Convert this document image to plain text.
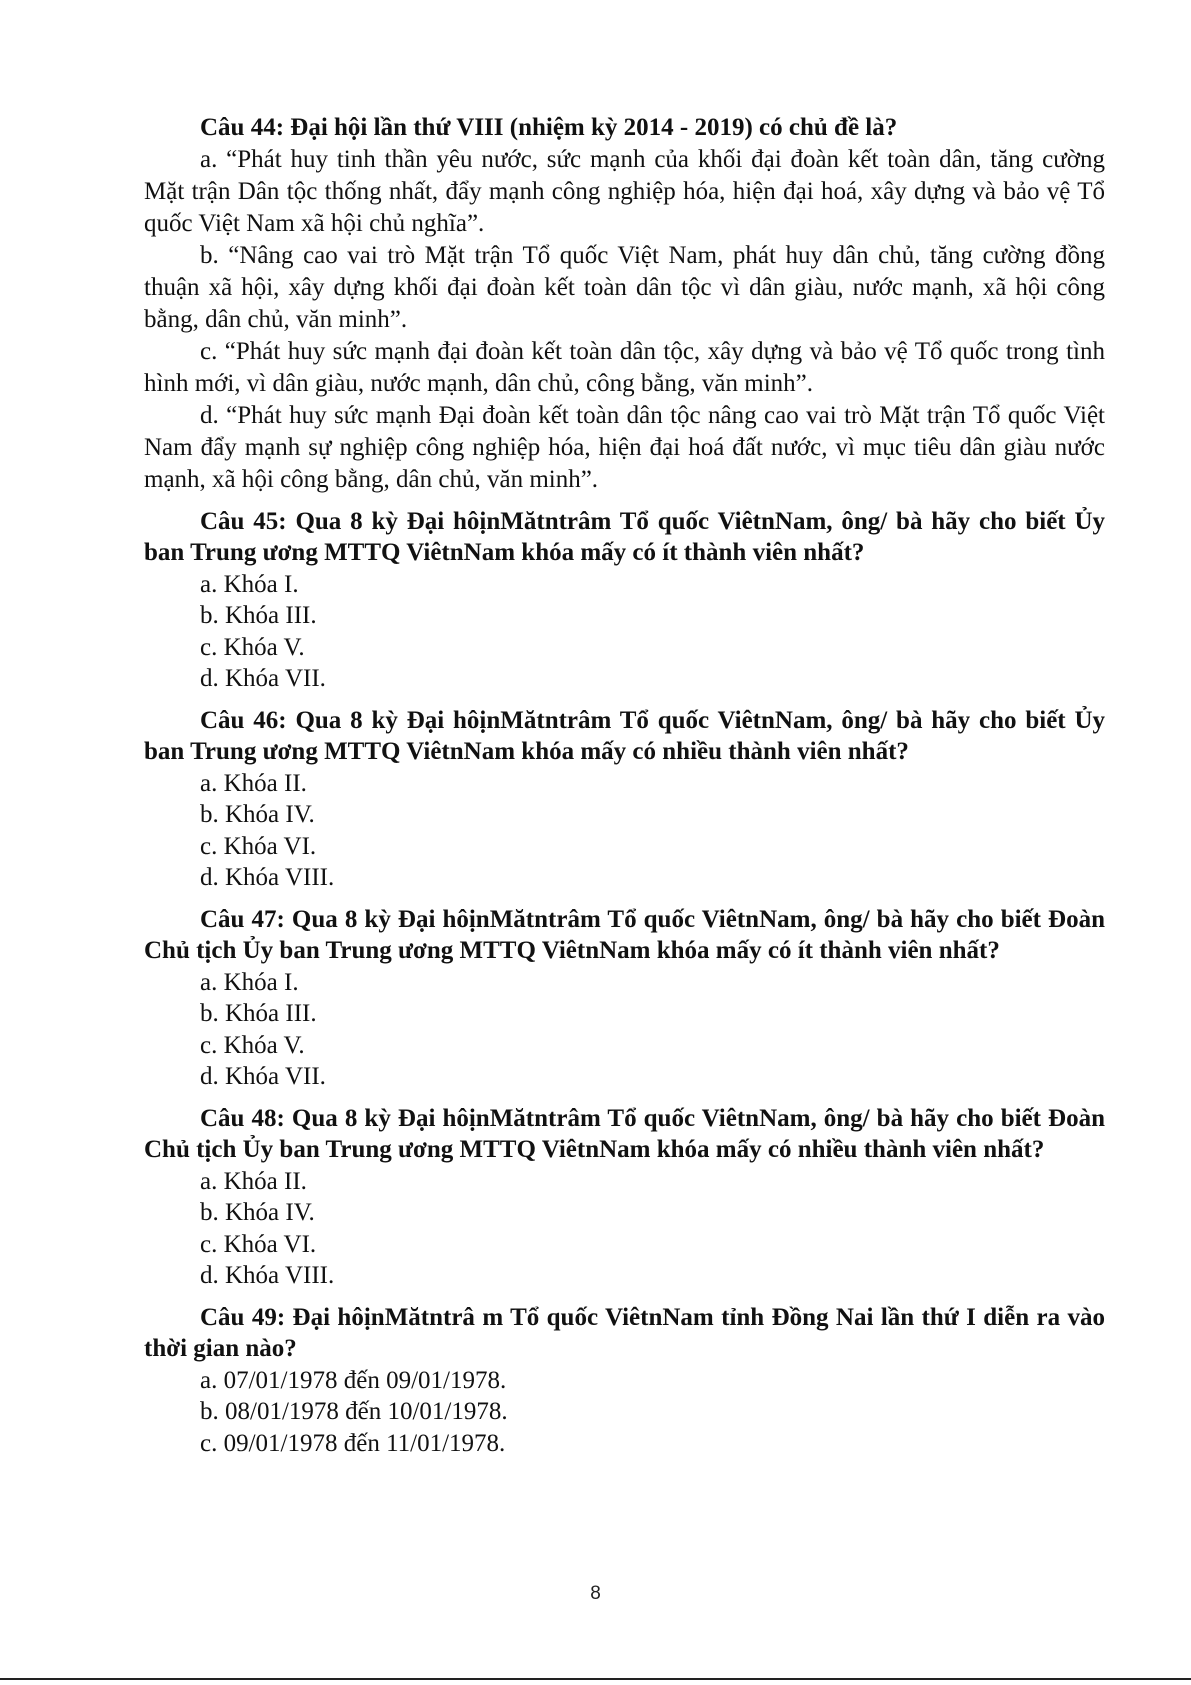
Câu 44: Đại hội lần thứ VIII (nhiệm kỳ 2014 - 2019) có chủ đề là?

a. “Phát huy tinh thần yêu nước, sức mạnh của khối đại đoàn kết toàn dân, tăng cường Mặt trận Dân tộc thống nhất, đẩy mạnh công nghiệp hóa, hiện đại hoá, xây dựng và bảo vệ Tổ quốc Việt Nam xã hội chủ nghĩa”.

b. “Nâng cao vai trò Mặt trận Tổ quốc Việt Nam, phát huy dân chủ, tăng cường đồng thuận xã hội, xây dựng khối đại đoàn kết toàn dân tộc vì dân giàu, nước mạnh, xã hội công bằng, dân chủ, văn minh”.

c. “Phát huy sức mạnh đại đoàn kết toàn dân tộc, xây dựng và bảo vệ Tổ quốc trong tình hình mới, vì dân giàu, nước mạnh, dân chủ, công bằng, văn minh”.

d. “Phát huy sức mạnh Đại đoàn kết toàn dân tộc nâng cao vai trò Mặt trận Tổ quốc Việt Nam đẩy mạnh sự nghiệp công nghiệp hóa, hiện đại hoá đất nước, vì mục tiêu dân giàu nước mạnh, xã hội công bằng, dân chủ, văn minh”.

Câu 45: Qua 8 kỳ Đại hôịnMătntrâm Tổ quốc ViêtnNam, ông/ bà hãy cho biết Ủy ban Trung ương MTTQ ViêtnNam khóa mấy có ít thành viên nhất?

a. Khóa I.

b. Khóa III.

c. Khóa V.

d. Khóa VII.

Câu 46: Qua 8 kỳ Đại hôịnMătntrâm Tổ quốc ViêtnNam, ông/ bà hãy cho biết Ủy ban Trung ương MTTQ ViêtnNam khóa mấy có nhiều thành viên nhất?

a. Khóa II.

b. Khóa IV.

c. Khóa VI.

d. Khóa VIII.

Câu 47: Qua 8 kỳ Đại hôịnMătntrâm Tổ quốc ViêtnNam, ông/ bà hãy cho biết Đoàn Chủ tịch Ủy ban Trung ương MTTQ ViêtnNam khóa mấy có ít thành viên nhất?

a. Khóa I.

b. Khóa III.

c. Khóa V.

d. Khóa VII.

Câu 48: Qua 8 kỳ Đại hôịnMătntrâm Tổ quốc ViêtnNam, ông/ bà hãy cho biết Đoàn Chủ tịch Ủy ban Trung ương MTTQ ViêtnNam khóa mấy có nhiều thành viên nhất?

a. Khóa II.

b. Khóa IV.

c. Khóa VI.

d. Khóa VIII.

Câu 49: Đại hôịnMătntrâ m Tổ quốc ViêtnNam tỉnh Đồng Nai lần thứ I diễn ra vào thời gian nào?

a. 07/01/1978 đến 09/01/1978.

b. 08/01/1978 đến 10/01/1978.

c. 09/01/1978 đến 11/01/1978.

8
